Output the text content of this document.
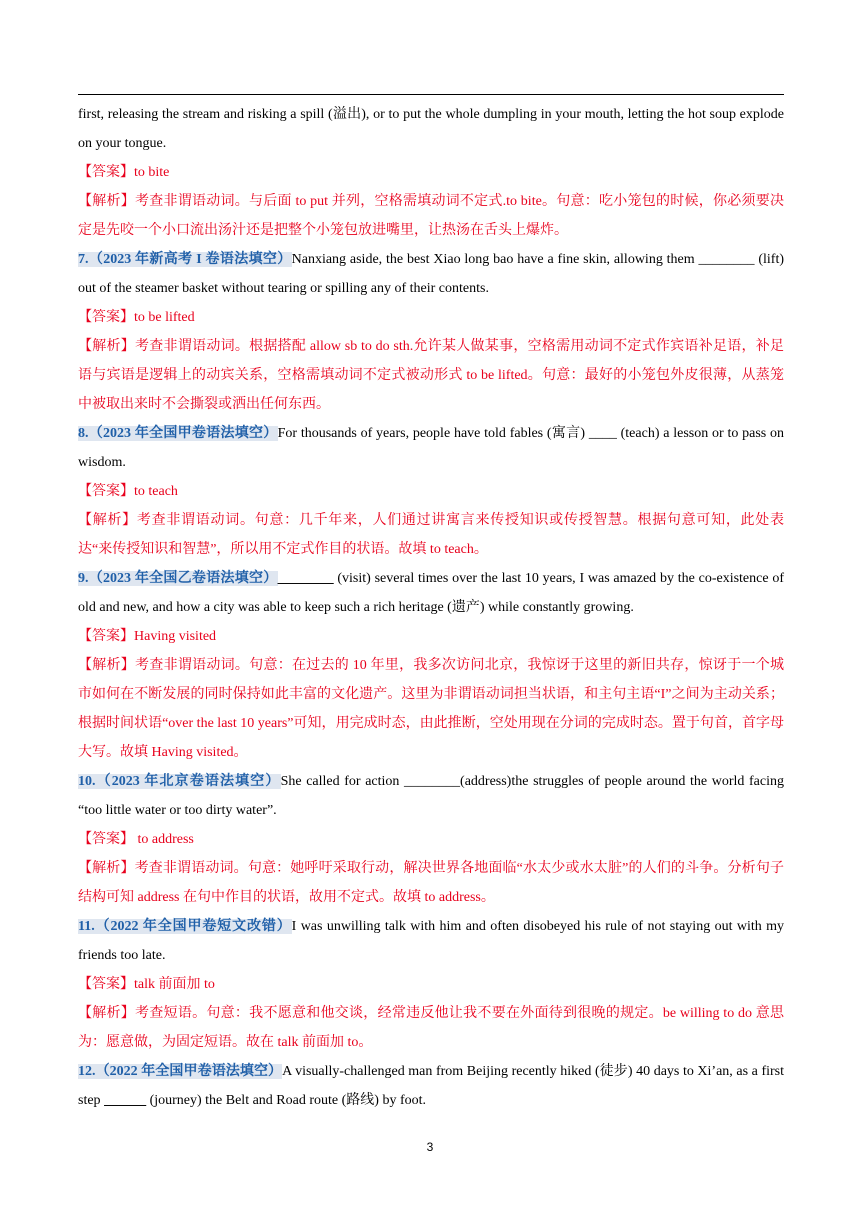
first, releasing the stream and risking a spill (溢出), or to put the whole dumpling in your mouth, letting the hot soup explode on your tongue.

【答案】to bite

【解析】考查非谓语动词。与后面 to put 并列，空格需填动词不定式.to bite。句意：吃小笼包的时候，你必须要决定是先咬一个小口流出汤汁还是把整个小笼包放进嘴里，让热汤在舌头上爆炸。

7.（2023 年新高考 I 卷语法填空）Nanxiang aside, the best Xiao long bao have a fine skin, allowing them ________ (lift) out of the steamer basket without tearing or spilling any of their contents.

【答案】to be lifted

【解析】考查非谓语动词。根据搭配 allow sb to do sth.允许某人做某事，空格需用动词不定式作宾语补足语，补足语与宾语是逻辑上的动宾关系，空格需填动词不定式被动形式 to be lifted。句意：最好的小笼包外皮很薄，从蒸笼中被取出来时不会撕裂或洒出任何东西。

8.（2023 年全国甲卷语法填空）For thousands of years, people have told fables (寓言) ____ (teach) a lesson or to pass on wisdom.

【答案】to teach

【解析】考查非谓语动词。句意：几千年来，人们通过讲寓言来传授知识或传授智慧。根据句意可知，此处表达“来传授知识和智慧”，所以用不定式作目的状语。故填 to teach。

9.（2023 年全国乙卷语法填空）________ (visit) several times over the last 10 years, I was amazed by the co-existence of old and new, and how a city was able to keep such a rich heritage (遗产) while constantly growing.

【答案】Having visited

【解析】考查非谓语动词。句意：在过去的 10 年里，我多次访问北京，我惊讶于这里的新旧共存，惊讶于一个城市如何在不断发展的同时保持如此丰富的文化遗产。这里为非谓语动词担当状语，和主句主语“I”之间为主动关系；根据时间状语“over the last 10 years”可知，用完成时态，由此推断，空处用现在分词的完成时态。置于句首，首字母大写。故填 Having visited。

10.（2023 年北京卷语法填空）She called for action ________(address)the struggles of people around the world facing “too little water or too dirty water”.

【答案】 to address

【解析】考查非谓语动词。句意：她呼吁采取行动，解决世界各地面临“水太少或水太脏”的人们的斗争。分析句子结构可知 address 在句中作目的状语，故用不定式。故填 to address。

11.（2022 年全国甲卷短文改错）I was unwilling talk with him and often disobeyed his rule of not staying out with my friends too late.

【答案】talk 前面加 to

【解析】考查短语。句意：我不愿意和他交谈，经常违反他让我不要在外面待到很晚的规定。be willing to do 意思为：愿意做，为固定短语。故在 talk 前面加 to。

12.（2022 年全国甲卷语法填空）A visually-challenged man from Beijing recently hiked (徒步) 40 days to Xi’an, as a first step ______ (journey) the Belt and Road route (路线) by foot.

3
